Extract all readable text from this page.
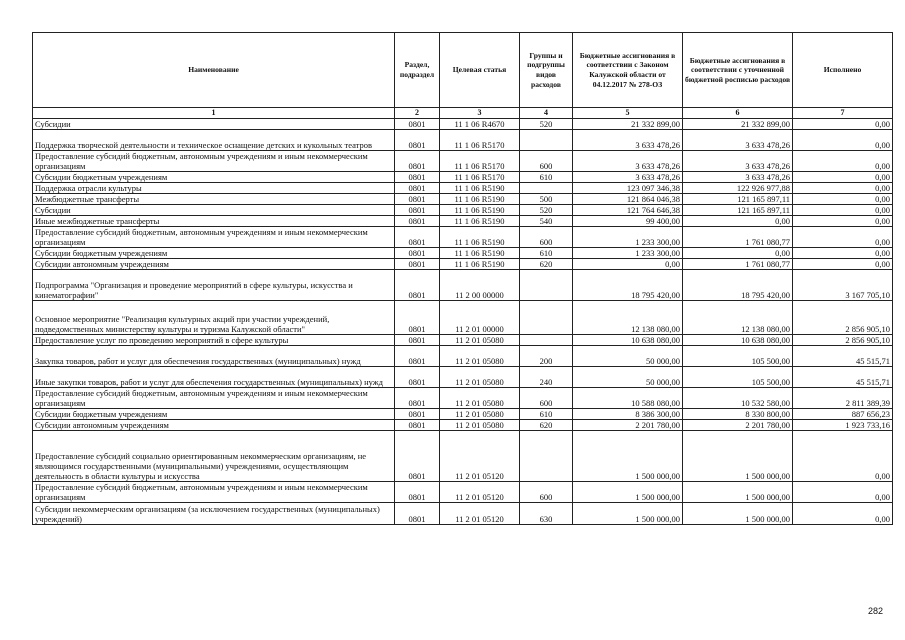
Наименование	Раздел, подраздел	Целевая статья	Группы и подгруппы видов расходов	Бюджетные ассигнования в соответствии с Законом Калужской области от 04.12.2017 № 278-ОЗ	Бюджетные ассигнования в соответствии с уточненной бюджетной росписью расходов	Исполнено
1	2	3	4	5	6	7
Субсидии	0801	11 1 06 R4670	520	21 332 899,00	21 332 899,00	0,00
Поддержка творческой деятельности и техническое оснащение детских и кукольных театров	0801	11 1 06 R5170		3 633 478,26	3 633 478,26	0,00
Предоставление субсидий бюджетным, автономным учреждениям и иным некоммерческим организациям	0801	11 1 06 R5170	600	3 633 478,26	3 633 478,26	0,00
Субсидии бюджетным учреждениям	0801	11 1 06 R5170	610	3 633 478,26	3 633 478,26	0,00
Поддержка отрасли культуры	0801	11 1 06 R5190		123 097 346,38	122 926 977,88	0,00
Межбюджетные трансферты	0801	11 1 06 R5190	500	121 864 046,38	121 165 897,11	0,00
Субсидии	0801	11 1 06 R5190	520	121 764 646,38	121 165 897,11	0,00
Иные межбюджетные трансферты	0801	11 1 06 R5190	540	99 400,00	0,00	0,00
Предоставление субсидий бюджетным, автономным учреждениям и иным некоммерческим организациям	0801	11 1 06 R5190	600	1 233 300,00	1 761 080,77	0,00
Субсидии бюджетным учреждениям	0801	11 1 06 R5190	610	1 233 300,00	0,00	0,00
Субсидии автономным учреждениям	0801	11 1 06 R5190	620	0,00	1 761 080,77	0,00
Подпрограмма "Организация и проведение мероприятий в сфере культуры, искусства и кинематографии"	0801	11 2 00 00000		18 795 420,00	18 795 420,00	3 167 705,10
Основное мероприятие "Реализация культурных акций при участии учреждений, подведомственных министерству культуры и туризма Калужской области"	0801	11 2 01 00000		12 138 080,00	12 138 080,00	2 856 905,10
Предоставление услуг по проведению мероприятий в сфере культуры	0801	11 2 01 05080		10 638 080,00	10 638 080,00	2 856 905,10
Закупка товаров, работ и услуг для обеспечения государственных (муниципальных) нужд	0801	11 2 01 05080	200	50 000,00	105 500,00	45 515,71
Иные закупки товаров, работ и услуг для обеспечения государственных (муниципальных) нужд	0801	11 2 01 05080	240	50 000,00	105 500,00	45 515,71
Предоставление субсидий бюджетным, автономным учреждениям и иным некоммерческим организациям	0801	11 2 01 05080	600	10 588 080,00	10 532 580,00	2 811 389,39
Субсидии бюджетным учреждениям	0801	11 2 01 05080	610	8 386 300,00	8 330 800,00	887 656,23
Субсидии автономным учреждениям	0801	11 2 01 05080	620	2 201 780,00	2 201 780,00	1 923 733,16
Предоставление субсидий социально ориентированным некоммерческим организациям, не являющимся государственными (муниципальными) учреждениями, осуществляющим деятельность в области культуры и искусства	0801	11 2 01 05120		1 500 000,00	1 500 000,00	0,00
Предоставление субсидий бюджетным, автономным учреждениям и иным некоммерческим организациям	0801	11 2 01 05120	600	1 500 000,00	1 500 000,00	0,00
Субсидии некоммерческим организациям (за исключением государственных (муниципальных) учреждений)	0801	11 2 01 05120	630	1 500 000,00	1 500 000,00	0,00
282
